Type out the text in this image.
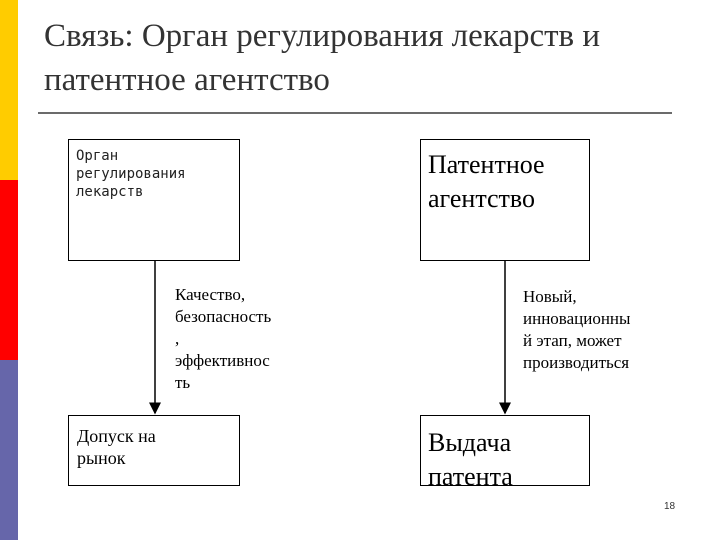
Связь: Орган регулирования лекарств и патентное агентство
Орган
регулирования
лекарств
Качество,
безопасность
,
эффективнос
ть
Допуск на
рынок
Патентное
агентство
Новый,
инновационны
й этап, может
производиться
Выдача
патента
18
